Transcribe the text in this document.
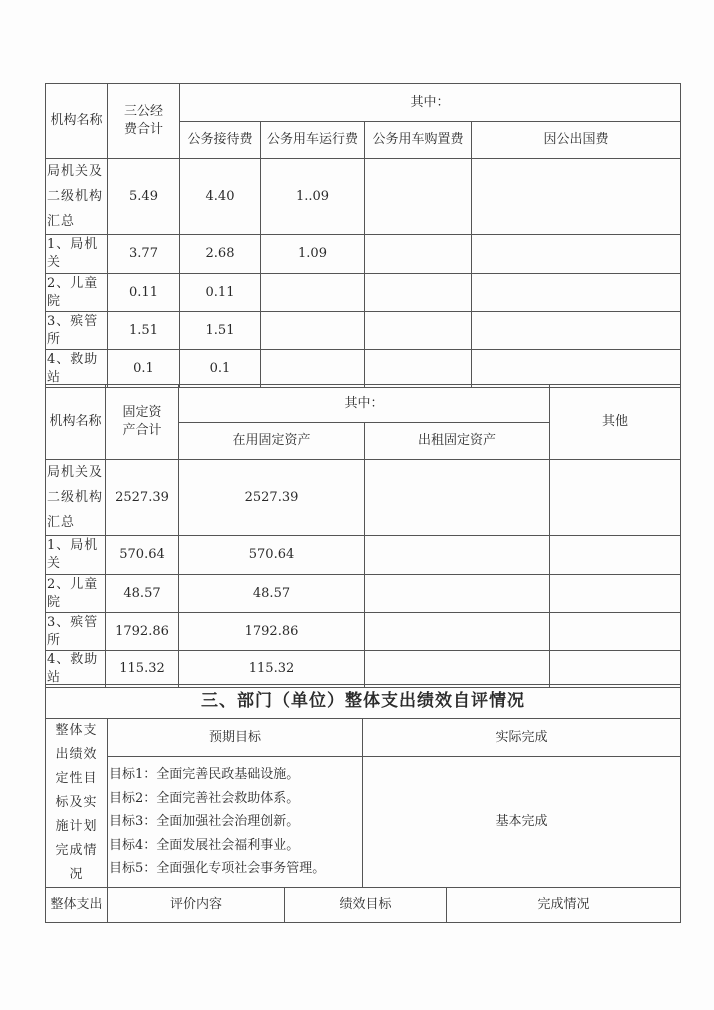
机构名称	三公经费合计	其中：			
		公务接待费	公务用车运行费	公务用车购置费	因公出国费
局机关及二级机构汇总	5.49	4.40	1..09		
1、局机关	3.77	2.68	1.09		
2、儿童院	0.11	0.11			
3、殡管所	1.51	1.51			
4、救助站	0.1	0.1			
机构名称	固定资产合计	其中：		其他
		在用固定资产	出租固定资产	
局机关及二级机构汇总	2527.39	2527.39		
1、局机关	570.64	570.64		
2、儿童院	48.57	48.57		
3、殡管所	1792.86	1792.86		
4、救助站	115.32	115.32		
三、部门（单位）整体支出绩效自评情况				
整体支出绩效定性目标及实施计划完成情况	预期目标		实际完成	

	目标1：全面完善民政基础设施。
目标2：全面完善社会救助体系。
目标3：全面加强社会治理创新。
目标4：全面发展社会福利事业。
目标5：全面强化专项社会事务管理。		基本完成	
整体支出	评价内容	绩效目标		完成情况
